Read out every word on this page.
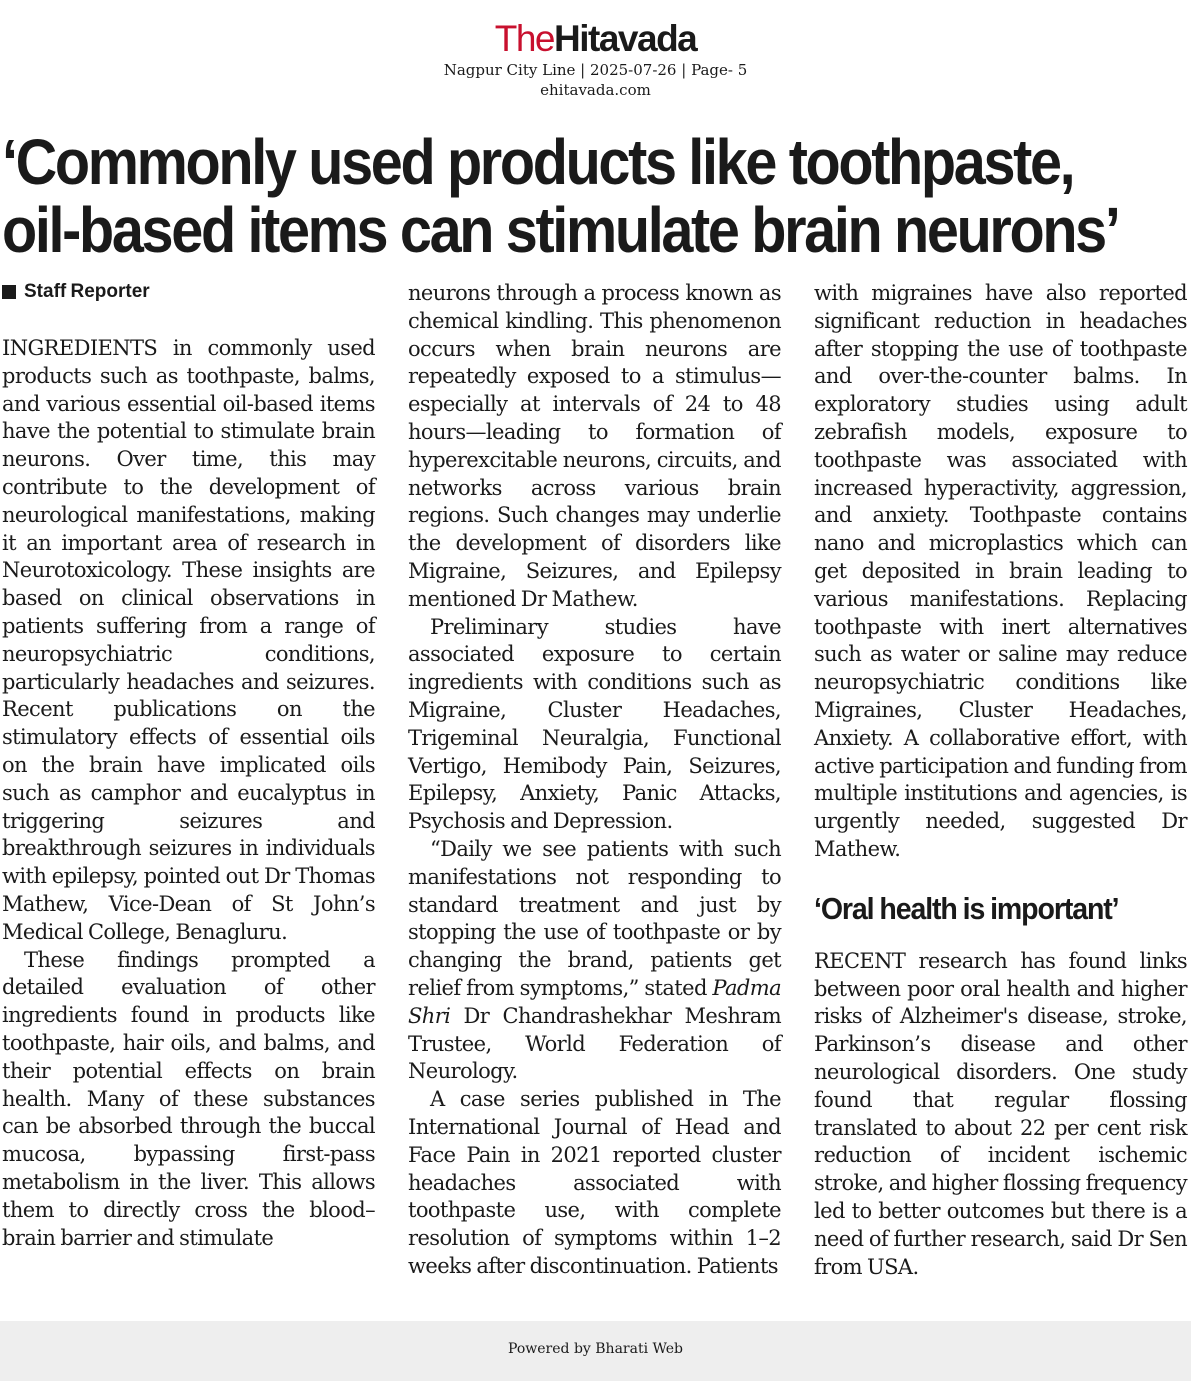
TheHitavada
Nagpur City Line | 2025-07-26 | Page- 5
ehitavada.com
‘Commonly used products like toothpaste,
oil-based items can stimulate brain neurons’
Staff Reporter

INGREDIENTS in commonly used products such as toothpaste, balms, and various essential oil-based items have the potential to stimulate brain neurons. Over time, this may contribute to the development of neurological manifestations, making it an important area of research in Neurotoxicology. These insights are based on clinical observations in patients suffering from a range of neuropsychiatric conditions, particularly headaches and seizures. Recent publications on the stimulatory effects of essential oils on the brain have implicated oils such as camphor and eucalyptus in triggering seizures and breakthrough seizures in individuals with epilepsy, pointed out Dr Thomas Mathew, Vice-Dean of St John’s Medical College, Benagluru.

These findings prompted a detailed evaluation of other ingredients found in products like toothpaste, hair oils, and balms, and their potential effects on brain health. Many of these substances can be absorbed through the buccal mucosa, bypassing first-pass metabolism in the liver. This allows them to directly cross the blood–brain barrier and stimulate

neurons through a process known as chemical kindling. This phenomenon occurs when brain neurons are repeatedly exposed to a stimulus—especially at intervals of 24 to 48 hours—leading to formation of hyperexcitable neurons, circuits, and networks across various brain regions. Such changes may underlie the development of disorders like Migraine, Seizures, and Epilepsy mentioned Dr Mathew.

Preliminary studies have associated exposure to certain ingredients with conditions such as Migraine, Cluster Headaches, Trigeminal Neuralgia, Functional Vertigo, Hemibody Pain, Seizures, Epilepsy, Anxiety, Panic Attacks, Psychosis and Depression.

“Daily we see patients with such manifestations not responding to standard treatment and just by stopping the use of toothpaste or by changing the brand, patients get relief from symptoms,” stated Padma Shri Dr Chandrashekhar Meshram Trustee, World Federation of Neurology.

A case series published in The International Journal of Head and Face Pain in 2021 reported cluster headaches associated with toothpaste use, with complete resolution of symptoms within 1–2 weeks after discontinuation. Patients

with migraines have also reported significant reduction in headaches after stopping the use of toothpaste and over-the-counter balms. In exploratory studies using adult zebrafish models, exposure to toothpaste was associated with increased hyperactivity, aggression, and anxiety. Toothpaste contains nano and microplastics which can get deposited in brain leading to various manifestations. Replacing toothpaste with inert alternatives such as water or saline may reduce neuropsychiatric conditions like Migraines, Cluster Headaches, Anxiety. A collaborative effort, with active participation and funding from multiple institutions and agencies, is urgently needed, suggested Dr Mathew.

‘Oral health is important’

RECENT research has found links between poor oral health and higher risks of Alzheimer's disease, stroke, Parkinson’s disease and other neurological disorders. One study found that regular flossing translated to about 22 per cent risk reduction of incident ischemic stroke, and higher flossing frequency led to better outcomes but there is a need of further research, said Dr Sen from USA.

Powered by Bharati Web
